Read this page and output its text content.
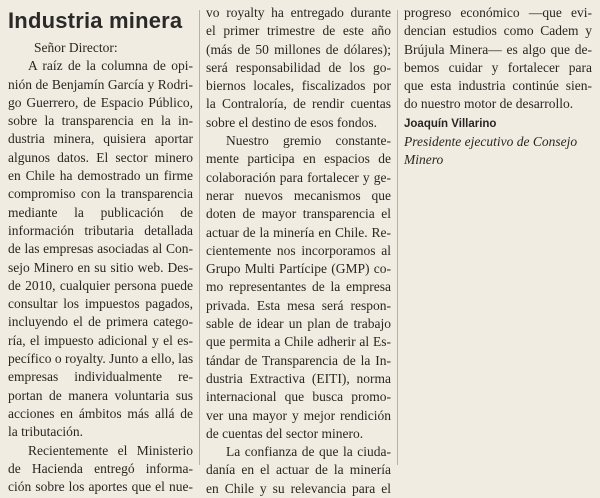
Industria minera
Señor Director:
A raíz de la columna de opi-
nión de Benjamín García y Rodri-
go Guerrero, de Espacio Público,
sobre la transparencia en la in-
dustria minera, quisiera aportar
algunos datos. El sector minero
en Chile ha demostrado un firme
compromiso con la transparencia
mediante la publicación de
información tributaria detallada
de las empresas asociadas al Con-
sejo Minero en su sitio web. Des-
de 2010, cualquier persona puede
consultar los impuestos pagados,
incluyendo el de primera catego-
ría, el impuesto adicional y el es-
pecífico o royalty. Junto a ello, las
empresas individualmente re-
portan de manera voluntaria sus
acciones en ámbitos más allá de
la tributación.
Recientemente el Ministerio
de Hacienda entregó informa-
ción sobre los aportes que el nue-
vo royalty ha entregado durante
el primer trimestre de este año
(más de 50 millones de dólares);
será responsabilidad de los go-
biernos locales, fiscalizados por
la Contraloría, de rendir cuentas
sobre el destino de esos fondos.
Nuestro gremio constante-
mente participa en espacios de
colaboración para fortalecer y ge-
nerar nuevos mecanismos que
doten de mayor transparencia el
actuar de la minería en Chile. Re-
cientemente nos incorporamos al
Grupo Multi Partícipe (GMP) co-
mo representantes de la empresa
privada. Esta mesa será respon-
sable de idear un plan de trabajo
que permita a Chile adherir al Es-
tándar de Transparencia de la In-
dustria Extractiva (EITI), norma
internacional que busca promo-
ver una mayor y mejor rendición
de cuentas del sector minero.
La confianza de que la ciuda-
danía en el actuar de la minería
en Chile y su relevancia para el
progreso económico —que evi-
dencian estudios como Cadem y
Brújula Minera— es algo que de-
bemos cuidar y fortalecer para
que esta industria continúe sien-
do nuestro motor de desarrollo.
Joaquín Villarino
Presidente ejecutivo de Consejo
Minero
